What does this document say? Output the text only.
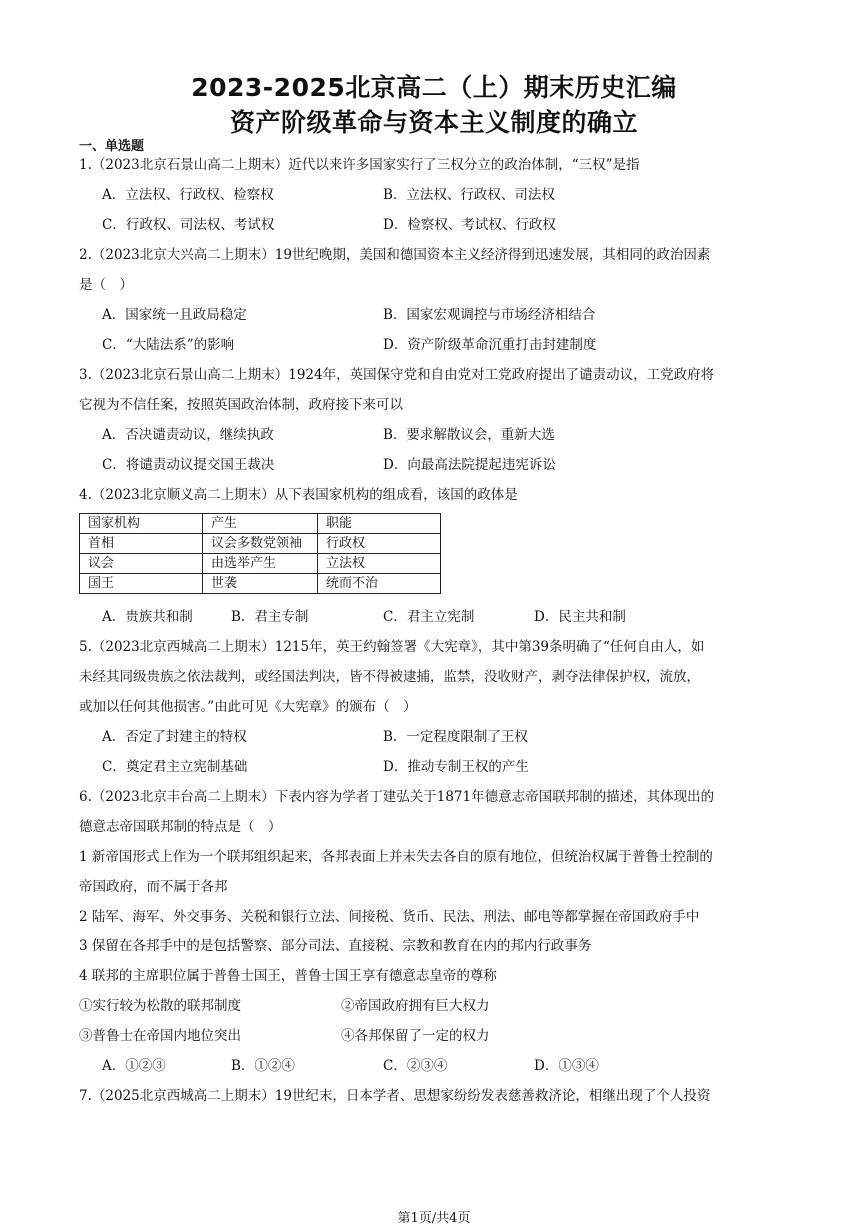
2023-2025北京高二（上）期末历史汇编
资产阶级革命与资本主义制度的确立
一、单选题
1.（2023北京石景山高二上期末）近代以来许多国家实行了三权分立的政治体制，“三权”是指
A．立法权、行政权、检察权	B．立法权、行政权、司法权
C．行政权、司法权、考试权	D．检察权、考试权、行政权
2.（2023北京大兴高二上期末）19世纪晚期，美国和德国资本主义经济得到迅速发展，其相同的政治因素
是（　）
A．国家统一且政局稳定	B．国家宏观调控与市场经济相结合
C．“大陆法系”的影响	D．资产阶级革命沉重打击封建制度
3.（2023北京石景山高二上期末）1924年，英国保守党和自由党对工党政府提出了谴责动议，工党政府将
它视为不信任案，按照英国政治体制，政府接下来可以
A．否决谴责动议，继续执政	B．要求解散议会，重新大选
C．将谴责动议提交国王裁决	D．向最高法院提起违宪诉讼
4.（2023北京顺义高二上期末）从下表国家机构的组成看，该国的政体是
国家机构	产生	职能
首相	议会多数党领袖	行政权
议会	由选举产生	立法权
国王	世袭	统而不治
A．贵族共和制	B．君主专制	C．君主立宪制	D．民主共和制
5.（2023北京西城高二上期末）1215年，英王约翰签署《大宪章》，其中第39条明确了“任何自由人，如
未经其同级贵族之依法裁判，或经国法判决，皆不得被逮捕，监禁，没收财产，剥夺法律保护权，流放，
或加以任何其他损害。”由此可见《大宪章》的颁布（　）
A．否定了封建主的特权	B．一定程度限制了王权
C．奠定君主立宪制基础	D．推动专制王权的产生
6.（2023北京丰台高二上期末）下表内容为学者丁建弘关于1871年德意志帝国联邦制的描述，其体现出的
德意志帝国联邦制的特点是（　）
1 新帝国形式上作为一个联邦组织起来，各邦表面上并未失去各自的原有地位，但统治权属于普鲁士控制的
帝国政府，而不属于各邦
2 陆军、海军、外交事务、关税和银行立法、间接税、货币、民法、刑法、邮电等都掌握在帝国政府手中
3 保留在各邦手中的是包括警察、部分司法、直接税、宗教和教育在内的邦内行政事务
4 联邦的主席职位属于普鲁士国王，普鲁士国王享有德意志皇帝的尊称
①实行较为松散的联邦制度	②帝国政府拥有巨大权力
③普鲁士在帝国内地位突出	④各邦保留了一定的权力
A．①②③	B．①②④	C．②③④	D．①③④
7.（2025北京西城高二上期末）19世纪末，日本学者、思想家纷纷发表慈善救济论，相继出现了个人投资
第1页/共4页
